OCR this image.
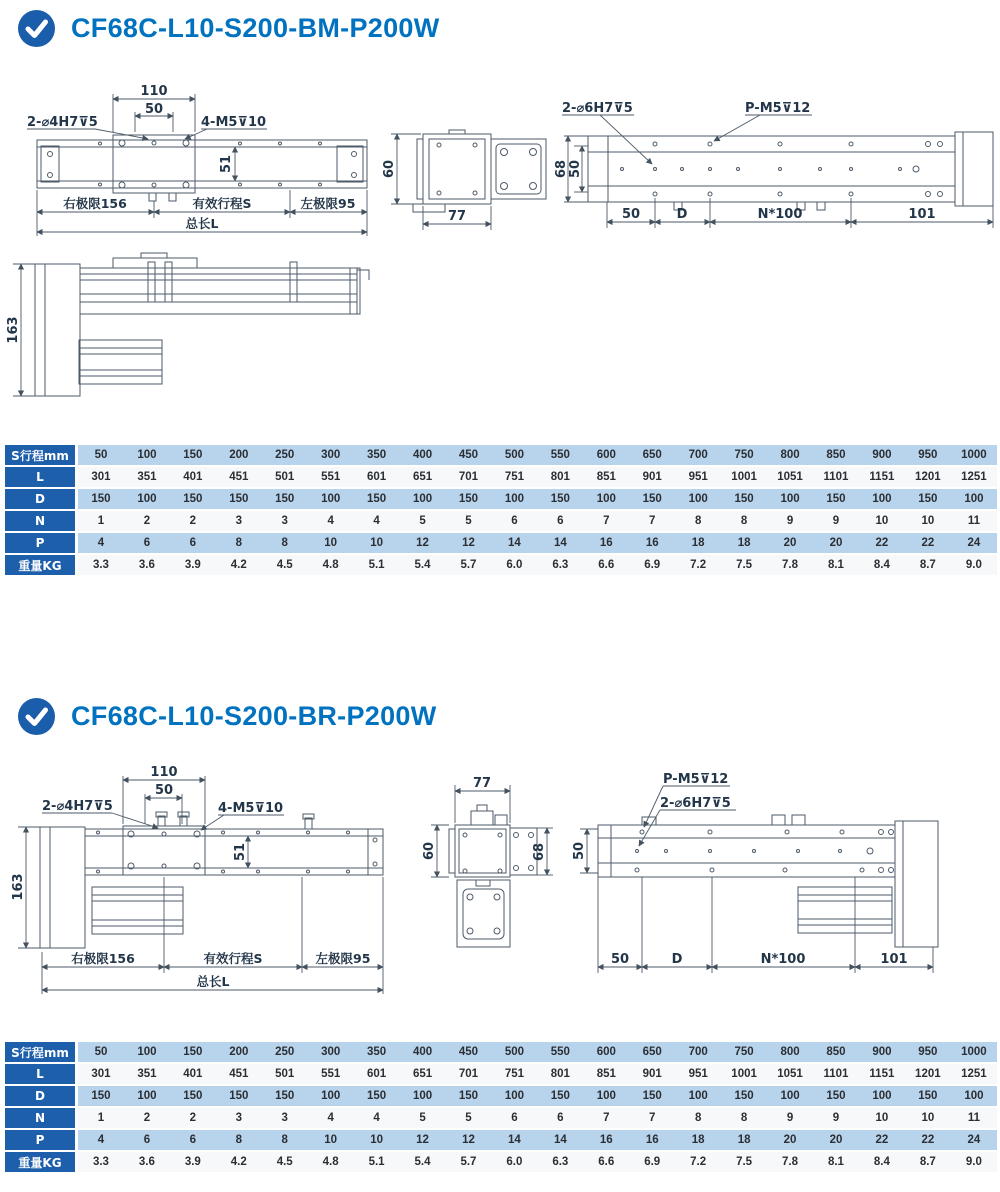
CF68C-L10-S200-BM-P200W
110
50
2-⌀4H7⊽5	4-M5⊽10
51
右极限156	有效行程S	左极限95
总长L
60
77
2-⌀6H7⊽5	P-M5⊽12
68 50
50	D	N*100	101
163
S行程mm	50	100	150	200	250	300	350	400	450	500	550	600	650	700	750	800	850	900	950	1000
L	301	351	401	451	501	551	601	651	701	751	801	851	901	951	1001	1051	1101	1151	1201	1251
D	150	100	150	150	150	100	150	100	150	100	150	100	150	100	150	100	150	100	150	100
N	1	2	2	3	3	4	4	5	5	6	6	7	7	8	8	9	9	10	10	11
P	4	6	6	8	8	10	10	12	12	14	14	16	16	18	18	20	20	22	22	24
重量KG	3.3	3.6	3.9	4.2	4.5	4.8	5.1	5.4	5.7	6.0	6.3	6.6	6.9	7.2	7.5	7.8	8.1	8.4	8.7	9.0
CF68C-L10-S200-BR-P200W
110
50
2-⌀4H7⊽5	4-M5⊽10
163
51
右极限156	有效行程S	左极限95
总长L
77
60	68
P-M5⊽12
2-⌀6H7⊽5
50
50	D	N*100	101
S行程mm	50	100	150	200	250	300	350	400	450	500	550	600	650	700	750	800	850	900	950	1000
L	301	351	401	451	501	551	601	651	701	751	801	851	901	951	1001	1051	1101	1151	1201	1251
D	150	100	150	150	150	100	150	100	150	100	150	100	150	100	150	100	150	100	150	100
N	1	2	2	3	3	4	4	5	5	6	6	7	7	8	8	9	9	10	10	11
P	4	6	6	8	8	10	10	12	12	14	14	16	16	18	18	20	20	22	22	24
重量KG	3.3	3.6	3.9	4.2	4.5	4.8	5.1	5.4	5.7	6.0	6.3	6.6	6.9	7.2	7.5	7.8	8.1	8.4	8.7	9.0
